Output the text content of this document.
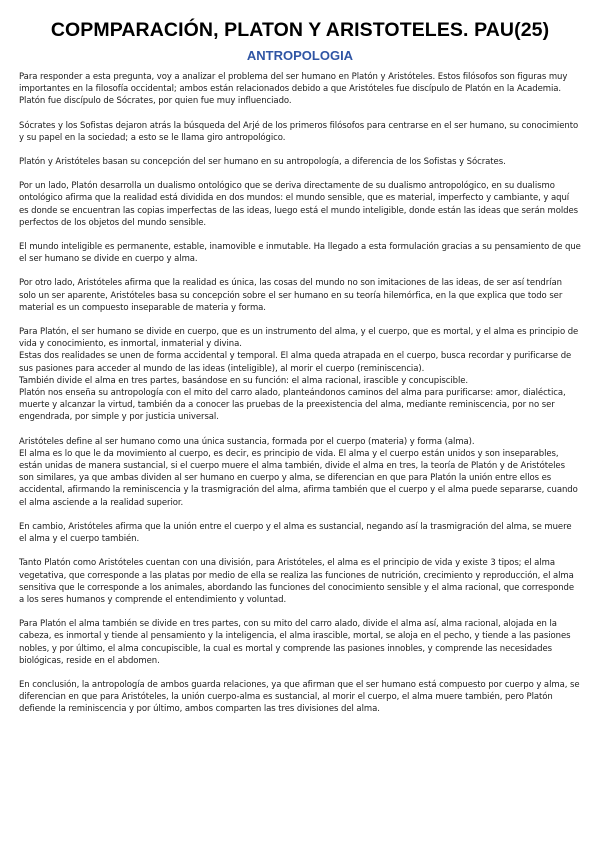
COPMPARACIÓN, PLATON Y ARISTOTELES. PAU(25)
ANTROPOLOGIA

Para responder a esta pregunta, voy a analizar el problema del ser humano en Platón y Aristóteles. Estos filósofos son figuras muy importantes en la filosofía occidental; ambos están relacionados debido a que Aristóteles fue discípulo de Platón en la Academia.

Platón fue discípulo de Sócrates, por quien fue muy influenciado.

Sócrates y los Sofistas dejaron atrás la búsqueda del Arjé de los primeros filósofos para centrarse en el ser humano, su conocimiento y su papel en la sociedad; a esto se le llama giro antropológico.

Platón y Aristóteles basan su concepción del ser humano en su antropología, a diferencia de los Sofistas y Sócrates.

Por un lado, Platón desarrolla un dualismo ontológico que se deriva directamente de su dualismo antropológico, en su dualismo ontológico afirma que la realidad está dividida en dos mundos: el mundo sensible, que es material, imperfecto y cambiante, y aquí es donde se encuentran las copias imperfectas de las ideas, luego está el mundo inteligible, donde están las ideas que serán moldes perfectos de los objetos del mundo sensible.

El mundo inteligible es permanente, estable, inamovible e inmutable. Ha llegado a esta formulación gracias a su pensamiento de que el ser humano se divide en cuerpo y alma.

Por otro lado, Aristóteles afirma que la realidad es única, las cosas del mundo no son imitaciones de las ideas, de ser así tendrían solo un ser aparente, Aristóteles basa su concepción sobre el ser humano en su teoría hilemórfica, en la que explica que todo ser material es un compuesto inseparable de materia y forma.

Para Platón, el ser humano se divide en cuerpo, que es un instrumento del alma, y el cuerpo, que es mortal, y el alma es principio de vida y conocimiento, es inmortal, inmaterial y divina.

Estas dos realidades se unen de forma accidental y temporal. El alma queda atrapada en el cuerpo, busca recordar y purificarse de sus pasiones para acceder al mundo de las ideas (inteligible), al morir el cuerpo (reminiscencia).

También divide el alma en tres partes, basándose en su función: el alma racional, irascible y concupiscible.

Platón nos enseña su antropología con el mito del carro alado, planteándonos caminos del alma para purificarse: amor, dialéctica, muerte y alcanzar la virtud, también da a conocer las pruebas de la preexistencia del alma, mediante reminiscencia, por no ser engendrada, por simple y por justicia universal.

Aristóteles define al ser humano como una única sustancia, formada por el cuerpo (materia) y forma (alma).

El alma es lo que le da movimiento al cuerpo, es decir, es principio de vida. El alma y el cuerpo están unidos y son inseparables, están unidas de manera sustancial, si el cuerpo muere el alma también, divide el alma en tres, la teoría de Platón y de Aristóteles son similares, ya que ambas dividen al ser humano en cuerpo y alma, se diferencian en que para Platón la unión entre ellos es accidental, afirmando la reminiscencia y la trasmigración del alma, afirma también que el cuerpo y el alma puede separarse, cuando el alma asciende a la realidad superior.

En cambio, Aristóteles afirma que la unión entre el cuerpo y el alma es sustancial, negando así la trasmigración del alma, se muere el alma y el cuerpo también.

Tanto Platón como Aristóteles cuentan con una división, para Aristóteles, el alma es el principio de vida y existe 3 tipos; el alma vegetativa, que corresponde a las platas por medio de ella se realiza las funciones de nutrición, crecimiento y reproducción, el alma sensitiva que le corresponde a los animales, abordando las funciones del conocimiento sensible y el alma racional, que corresponde a los seres humanos y comprende el entendimiento y voluntad.

Para Platón el alma también se divide en tres partes, con su mito del carro alado, divide el alma así, alma racional, alojada en la cabeza, es inmortal y tiende al pensamiento y la inteligencia, el alma irascible, mortal, se aloja en el pecho, y tiende a las pasiones nobles, y por último, el alma concupiscible, la cual es mortal y comprende las pasiones innobles, y comprende las necesidades biológicas, reside en el abdomen.

En conclusión, la antropología de ambos guarda relaciones, ya que afirman que el ser humano está compuesto por cuerpo y alma, se diferencian en que para Aristóteles, la unión cuerpo-alma es sustancial, al morir el cuerpo, el alma muere también, pero Platón defiende la reminiscencia y por último, ambos comparten las tres divisiones del alma.
